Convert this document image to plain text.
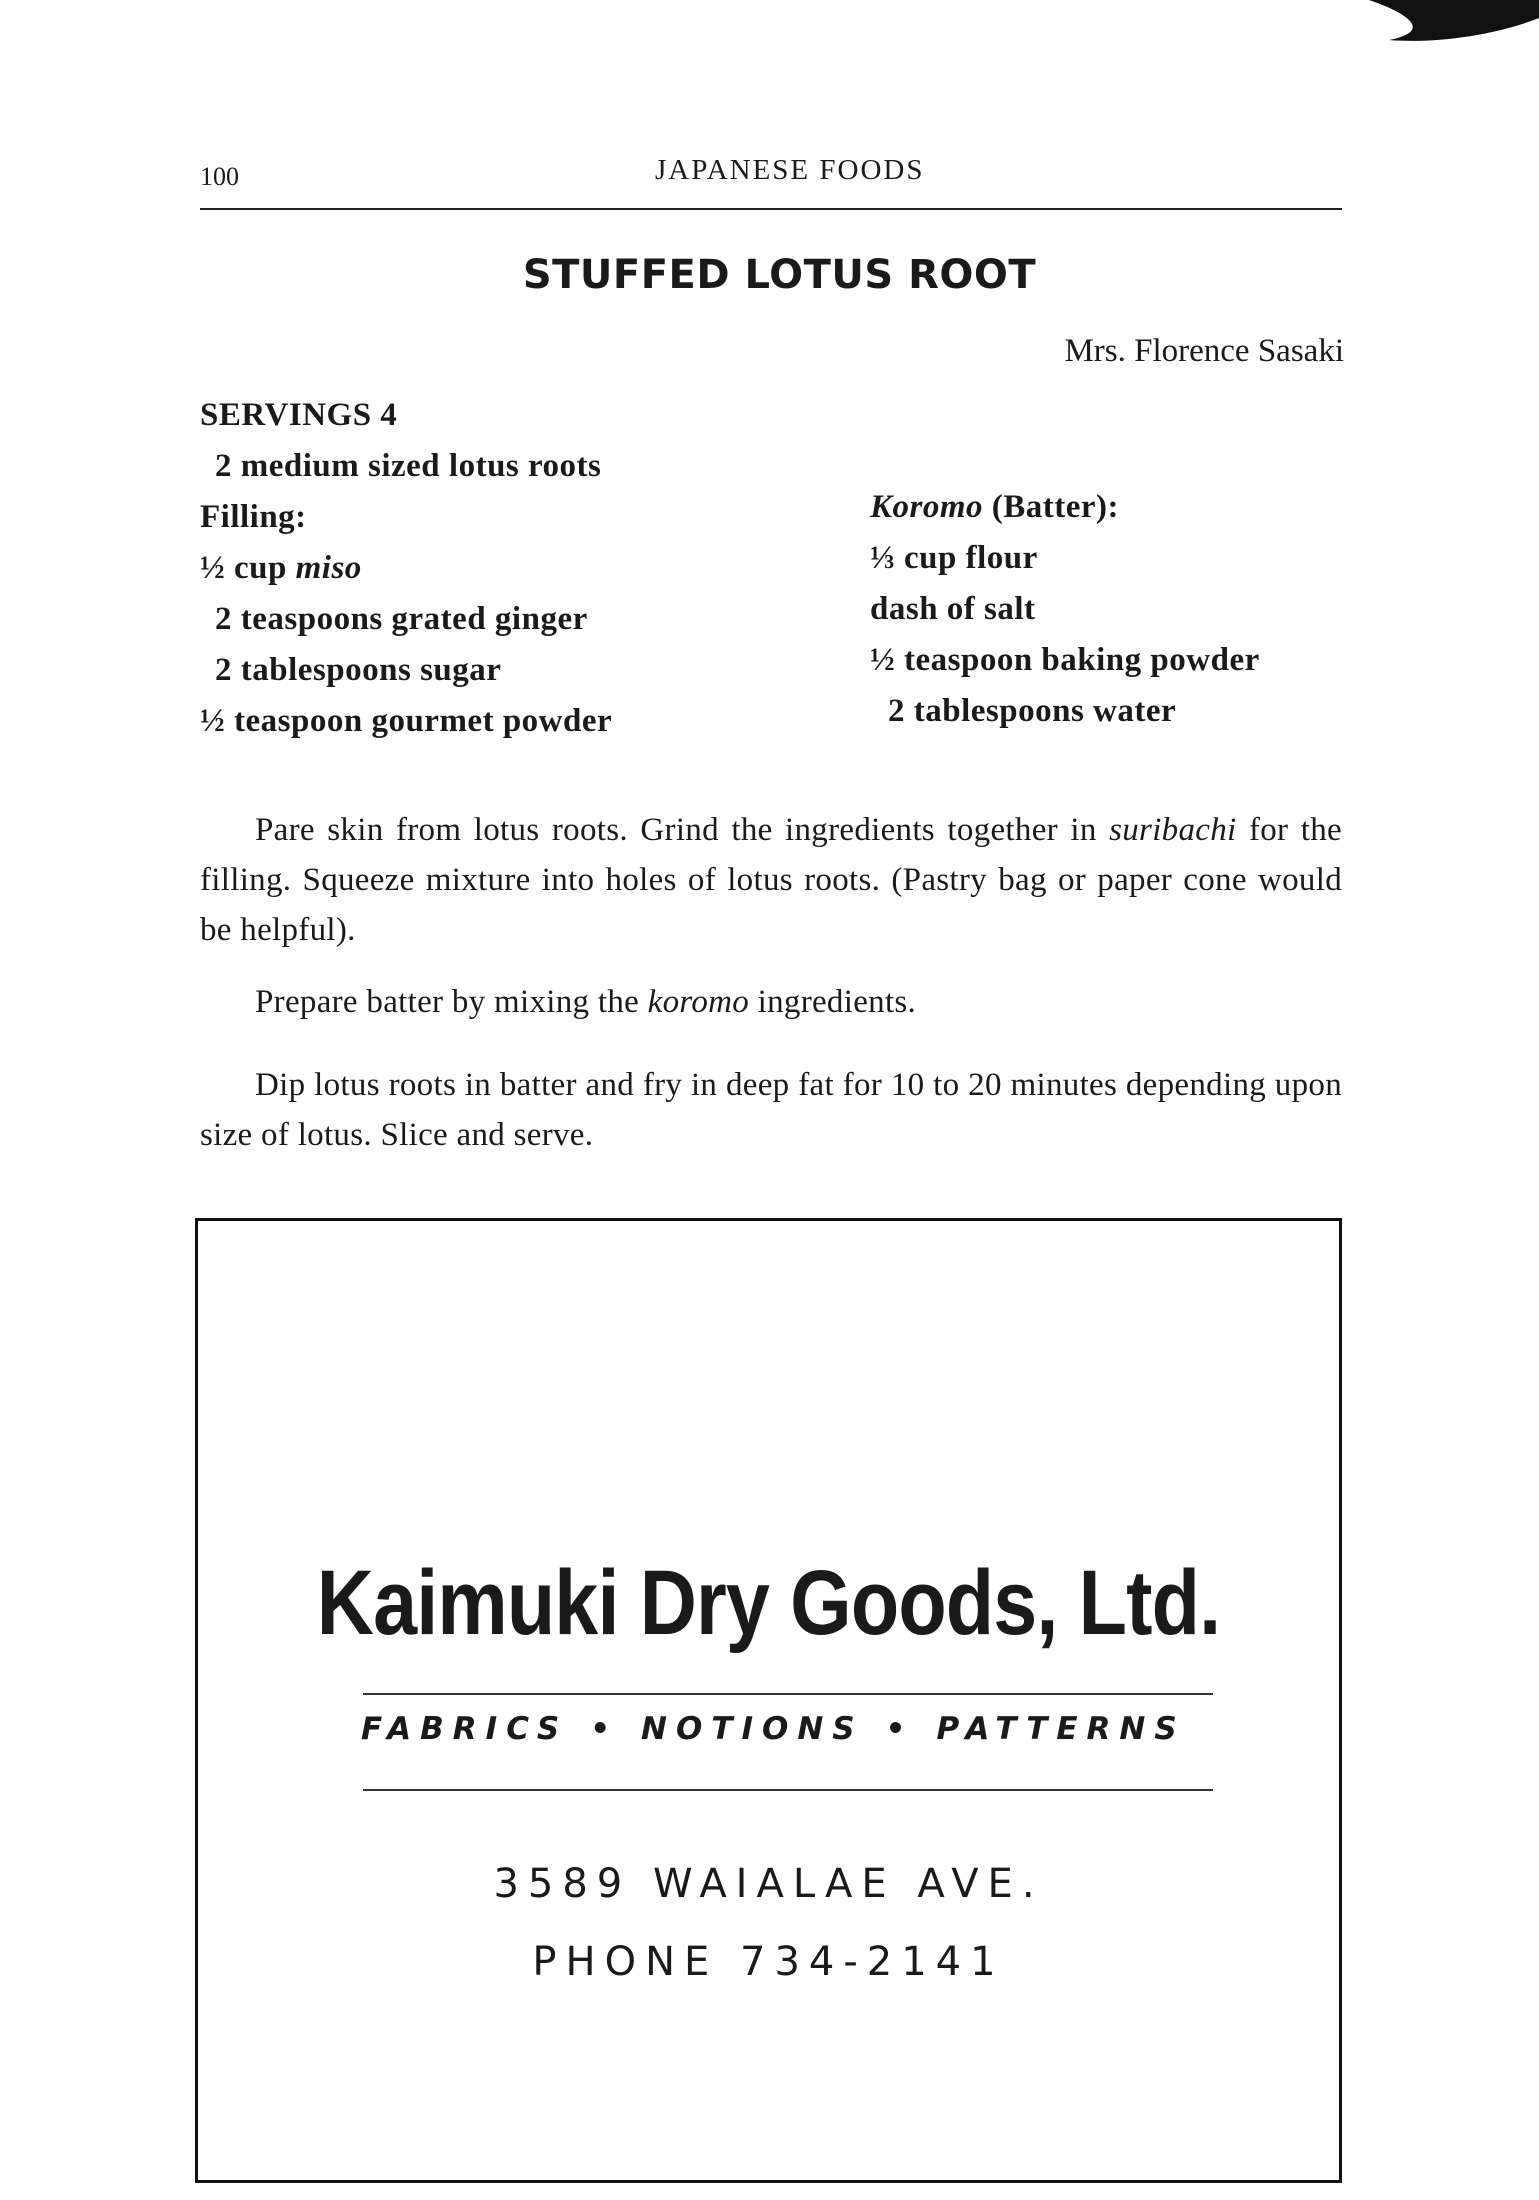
100	JAPANESE FOODS
STUFFED LOTUS ROOT
Mrs. Florence Sasaki
SERVINGS 4
2 medium sized lotus roots
Filling:
½ cup miso
2 teaspoons grated ginger
2 tablespoons sugar
½ teaspoon gourmet powder
Koromo (Batter):
⅓ cup flour
dash of salt
½ teaspoon baking powder
2 tablespoons water
Pare skin from lotus roots. Grind the ingredients together in suribachi for the filling. Squeeze mixture into holes of lotus roots. (Pastry bag or paper cone would be helpful).
Prepare batter by mixing the koromo ingredients.
Dip lotus roots in batter and fry in deep fat for 10 to 20 minutes depending upon size of lotus. Slice and serve.
Kaimuki Dry Goods, Ltd.
FABRICS • NOTIONS • PATTERNS
3589 WAIALAE AVE.
PHONE 734-2141
